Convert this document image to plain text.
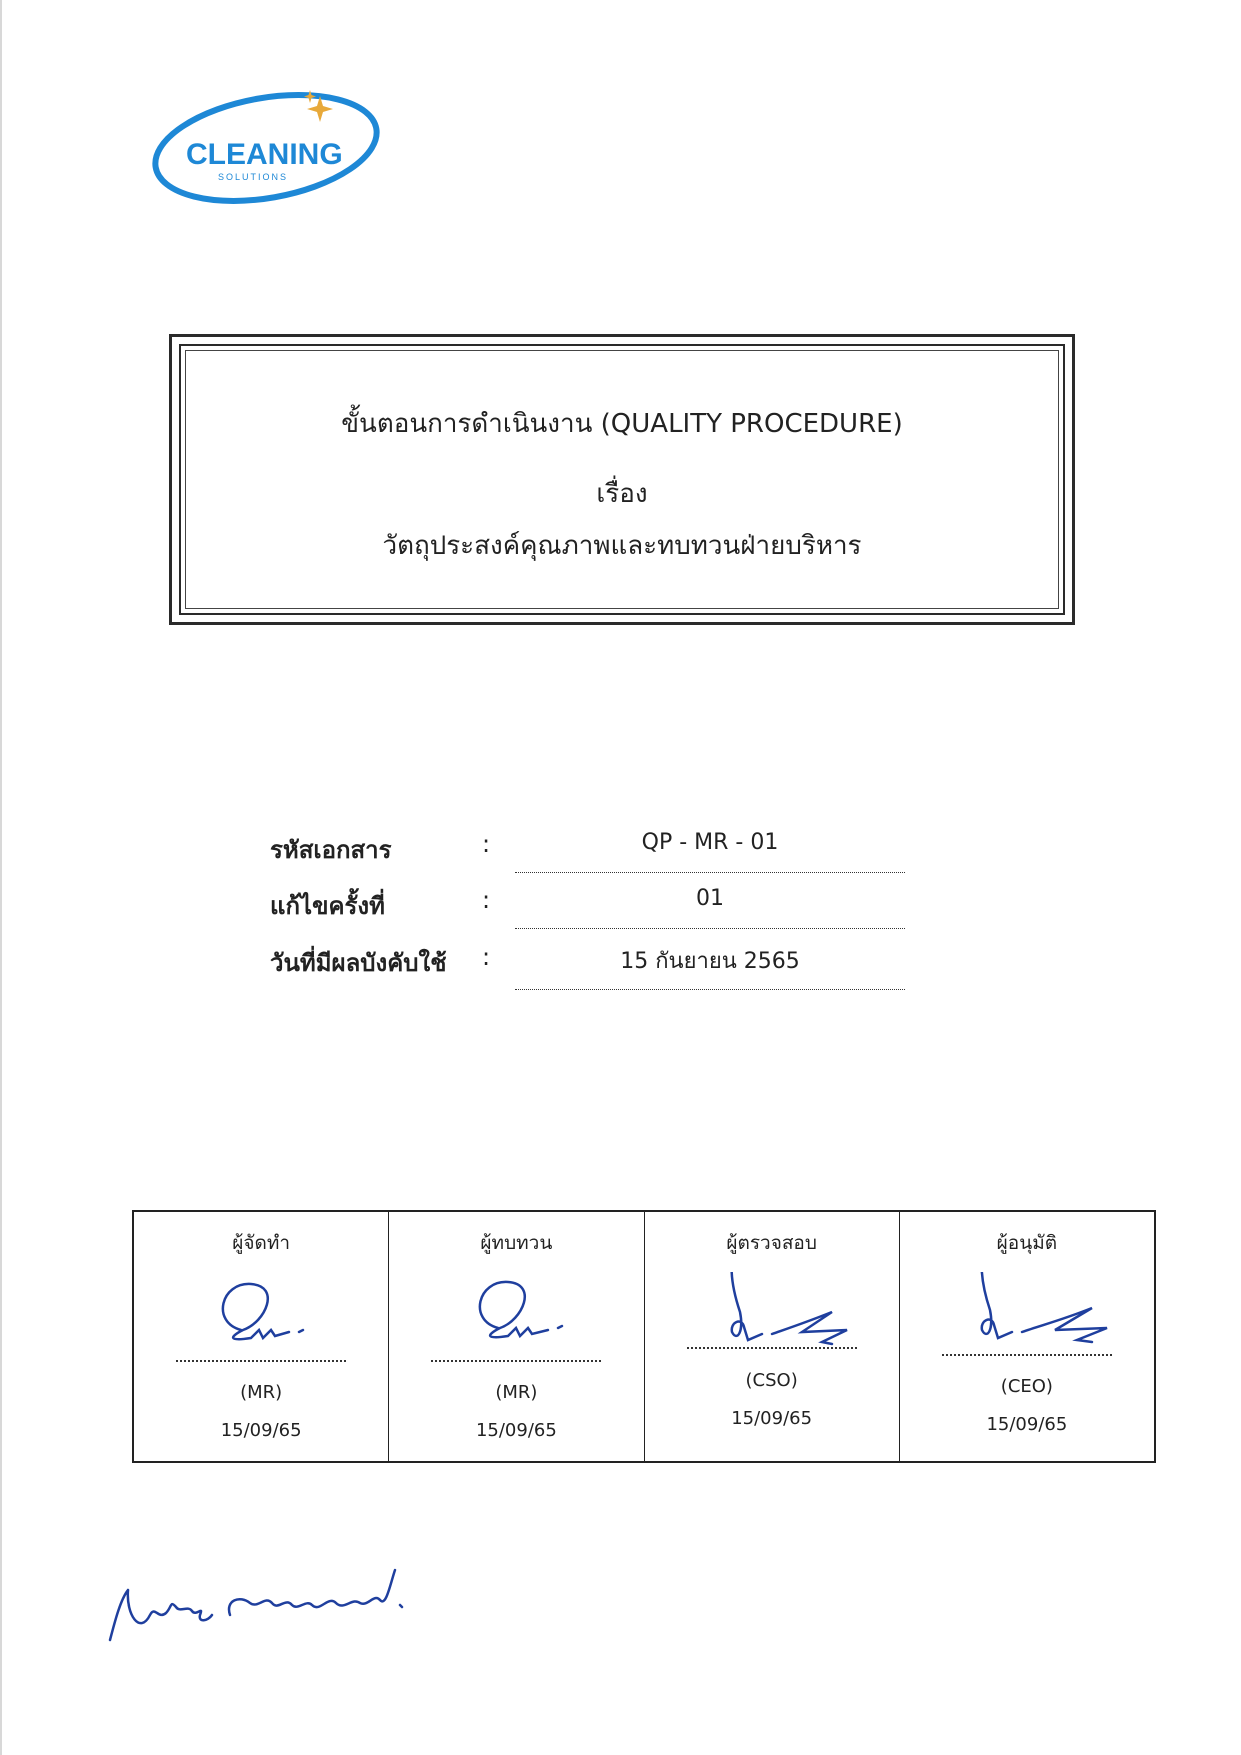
CLEANING
SOLUTIONS
ขั้นตอนการดำเนินงาน (QUALITY PROCEDURE)
เรื่อง
วัตถุประสงค์คุณภาพและทบทวนฝ่ายบริหาร
รหัสเอกสาร	:	QP - MR - 01
แก้ไขครั้งที่	:	01
วันที่มีผลบังคับใช้ :	15 กันยายน 2565
ผู้จัดทำ
(MR)
15/09/65
ผู้ทบทวน
(MR)
15/09/65
ผู้ตรวจสอบ
(CSO)
15/09/65
ผู้อนุมัติ
(CEO)
15/09/65
